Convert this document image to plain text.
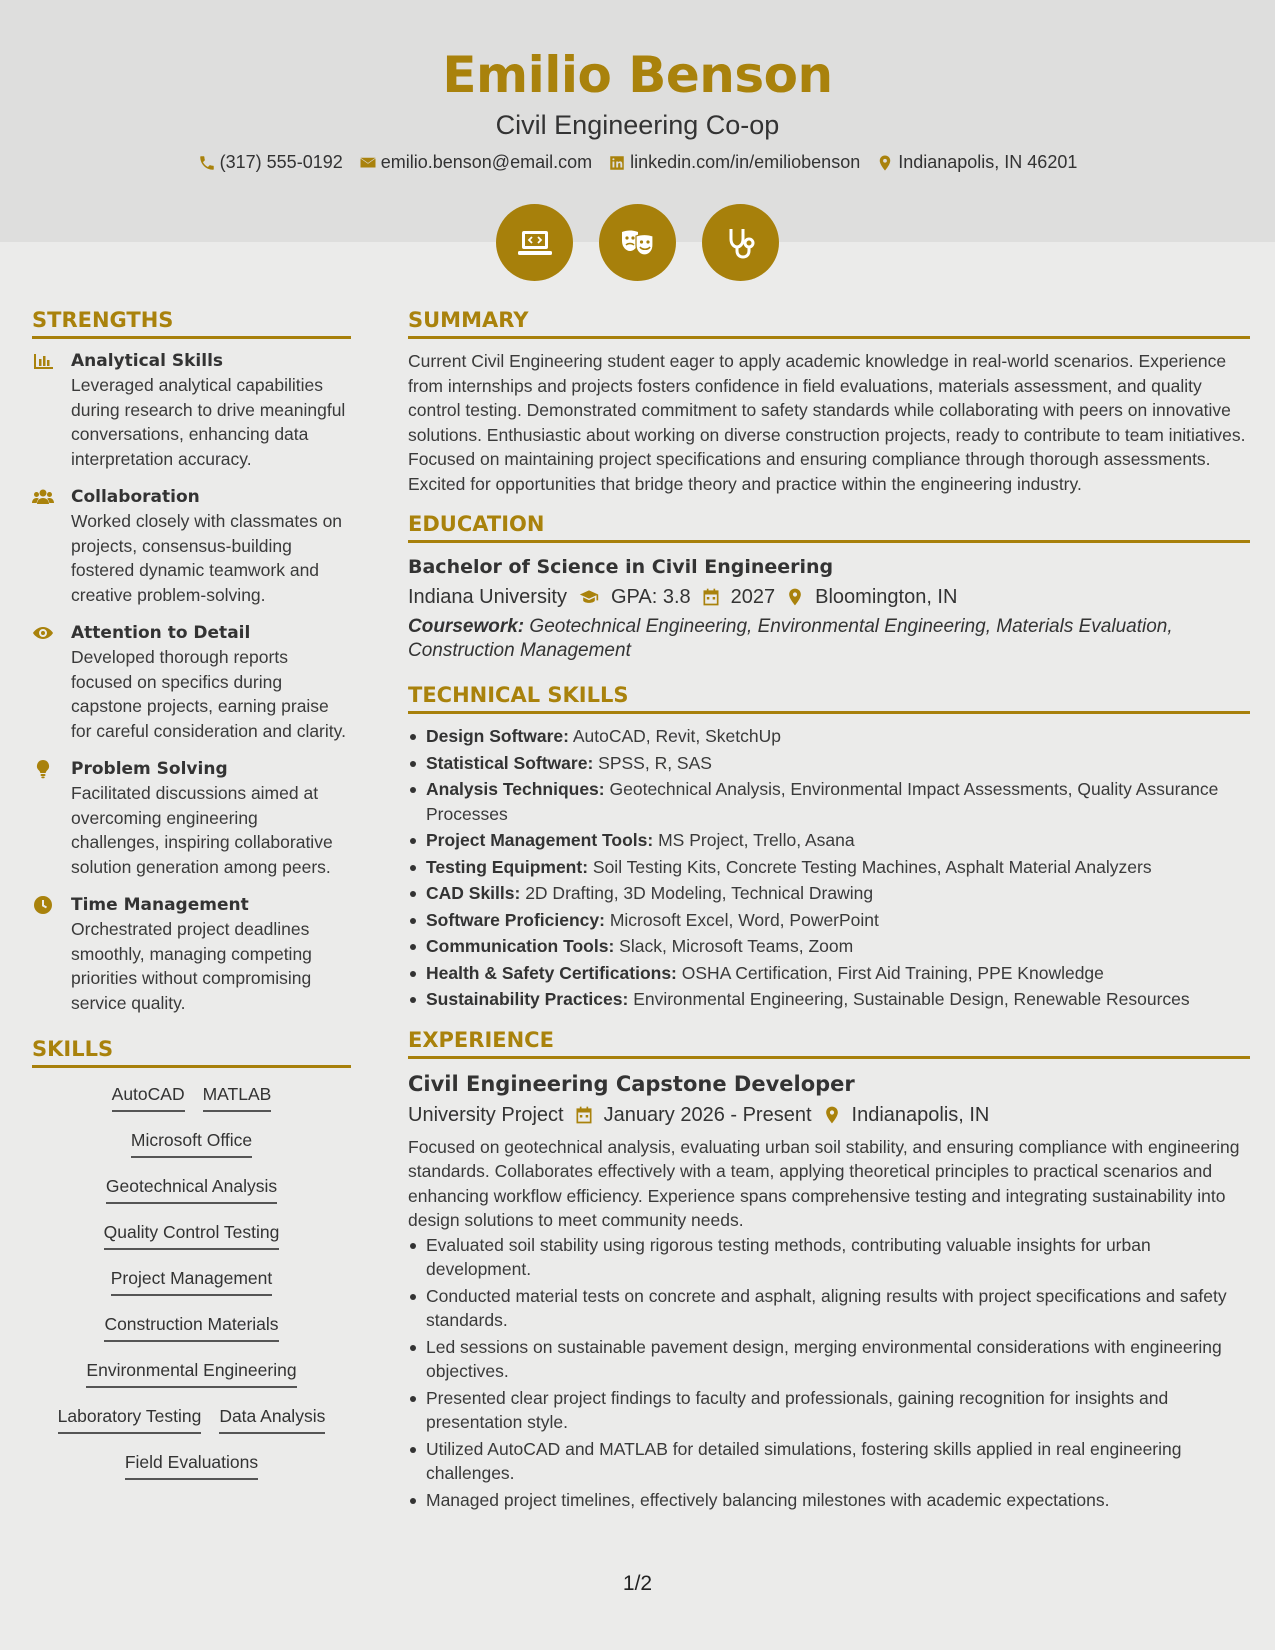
Emilio Benson
Civil Engineering Co-op
(317) 555-0192 emilio.benson@email.com linkedin.com/in/emiliobenson Indianapolis, IN 46201
STRENGTHS
Analytical Skills
Leveraged analytical capabilities during research to drive meaningful conversations, enhancing data interpretation accuracy.
Collaboration
Worked closely with classmates on projects, consensus-building fostered dynamic teamwork and creative problem-solving.
Attention to Detail
Developed thorough reports focused on specifics during capstone projects, earning praise for careful consideration and clarity.
Problem Solving
Facilitated discussions aimed at overcoming engineering challenges, inspiring collaborative solution generation among peers.
Time Management
Orchestrated project deadlines smoothly, managing competing priorities without compromising service quality.
SKILLS
AutoCAD MATLAB
Microsoft Office
Geotechnical Analysis
Quality Control Testing
Project Management
Construction Materials
Environmental Engineering
Laboratory Testing Data Analysis
Field Evaluations
SUMMARY
Current Civil Engineering student eager to apply academic knowledge in real-world scenarios. Experience from internships and projects fosters confidence in field evaluations, materials assessment, and quality control testing. Demonstrated commitment to safety standards while collaborating with peers on innovative solutions. Enthusiastic about working on diverse construction projects, ready to contribute to team initiatives. Focused on maintaining project specifications and ensuring compliance through thorough assessments. Excited for opportunities that bridge theory and practice within the engineering industry.
EDUCATION
Bachelor of Science in Civil Engineering
Indiana University GPA: 3.8 2027 Bloomington, IN
Coursework: Geotechnical Engineering, Environmental Engineering, Materials Evaluation, Construction Management
TECHNICAL SKILLS
Design Software: AutoCAD, Revit, SketchUp
Statistical Software: SPSS, R, SAS
Analysis Techniques: Geotechnical Analysis, Environmental Impact Assessments, Quality Assurance Processes
Project Management Tools: MS Project, Trello, Asana
Testing Equipment: Soil Testing Kits, Concrete Testing Machines, Asphalt Material Analyzers
CAD Skills: 2D Drafting, 3D Modeling, Technical Drawing
Software Proficiency: Microsoft Excel, Word, PowerPoint
Communication Tools: Slack, Microsoft Teams, Zoom
Health & Safety Certifications: OSHA Certification, First Aid Training, PPE Knowledge
Sustainability Practices: Environmental Engineering, Sustainable Design, Renewable Resources
EXPERIENCE
Civil Engineering Capstone Developer
University Project January 2026 - Present Indianapolis, IN
Focused on geotechnical analysis, evaluating urban soil stability, and ensuring compliance with engineering standards. Collaborates effectively with a team, applying theoretical principles to practical scenarios and enhancing workflow efficiency. Experience spans comprehensive testing and integrating sustainability into design solutions to meet community needs.
Evaluated soil stability using rigorous testing methods, contributing valuable insights for urban development.
Conducted material tests on concrete and asphalt, aligning results with project specifications and safety standards.
Led sessions on sustainable pavement design, merging environmental considerations with engineering objectives.
Presented clear project findings to faculty and professionals, gaining recognition for insights and presentation style.
Utilized AutoCAD and MATLAB for detailed simulations, fostering skills applied in real engineering challenges.
Managed project timelines, effectively balancing milestones with academic expectations.
1/2
